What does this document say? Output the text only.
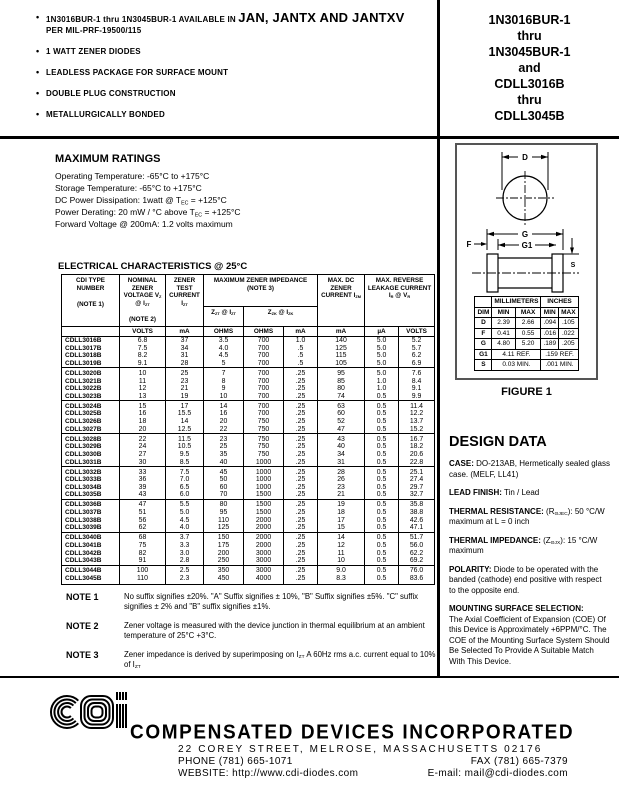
• 1N3016BUR-1 thru 1N3045BUR-1 AVAILABLE IN JAN, JANTX AND JANTXV
PER MIL-PRF-19500/115
• 1 WATT ZENER DIODES
• LEADLESS PACKAGE FOR SURFACE MOUNT
• DOUBLE PLUG CONSTRUCTION
• METALLURGICALLY BONDED
1N3016BUR-1
thru
1N3045BUR-1
and
CDLL3016B
thru
CDLL3045B
MAXIMUM RATINGS
Operating Temperature: -65°C to +175°C
Storage Temperature: -65°C to +175°C
DC Power Dissipation: 1watt @ $T_{EC} = +125^\circ C$
Power Derating: 20 mW / °C above $T_{EC} = +125^\circ C$
Forward Voltage @ 200mA: 1.2 volts maximum
ELECTRICAL CHARACTERISTICS @ 25°C
CDI TYPE NUMBER
(NOTE 1)

NOMINAL ZENER VOLTAGE $V_Z$ @ $I_{ZT}$
(NOTE 2)
	ZENER TEST CURRENT $I_{ZT}$	MAXIMUM ZENER IMPEDANCE (NOTE 3)	MAX. DC ZENER CURRENT $I_{ZM}$	MAX. REVERSE LEAKAGE CURRENT $I_R$ @ $V_R$
			$Z_{ZT}$ @ $I_{ZT}$	$Z_{ZK}$ @ $I_{ZK}$
	VOLTS	mA	OHMS	OHMS	mA	mA	µA	VOLTS
CDLL3016B	6.8	37	3.5	700	1.0	140	5.0	5.2
CDLL3017B	7.5	34	4.0	700	.5	125	5.0	5.7
CDLL3018B	8.2	31	4.5	700	.5	115	5.0	6.2
CDLL3019B	9.1	28	5	700	.5	105	5.0	6.9
CDLL3020B	10	25	7	700	.25	95	5.0	7.6
CDLL3021B	11	23	8	700	.25	85	1.0	8.4
CDLL3022B	12	21	9	700	.25	80	1.0	9.1
CDLL3023B	13	19	10	700	.25	74	0.5	9.9
CDLL3024B	15	17	14	700	.25	63	0.5	11.4
CDLL3025B	16	15.5	16	700	.25	60	0.5	12.2
CDLL3026B	18	14	20	750	.25	52	0.5	13.7
CDLL3027B	20	12.5	22	750	.25	47	0.5	15.2
CDLL3028B	22	11.5	23	750	.25	43	0.5	16.7
CDLL3029B	24	10.5	25	750	.25	40	0.5	18.2
CDLL3030B	27	9.5	35	750	.25	34	0.5	20.6
CDLL3031B	30	8.5	40	1000	.25	31	0.5	22.8
CDLL3032B	33	7.5	45	1000	.25	28	0.5	25.1
CDLL3033B	36	7.0	50	1000	.25	26	0.5	27.4
CDLL3034B	39	6.5	60	1000	.25	23	0.5	29.7
CDLL3035B	43	6.0	70	1500	.25	21	0.5	32.7
CDLL3036B	47	5.5	80	1500	.25	19	0.5	35.8
CDLL3037B	51	5.0	95	1500	.25	18	0.5	38.8
CDLL3038B	56	4.5	110	2000	.25	17	0.5	42.6
CDLL3039B	62	4.0	125	2000	.25	15	0.5	47.1
CDLL3040B	68	3.7	150	2000	.25	14	0.5	51.7
CDLL3041B	75	3.3	175	2000	.25	12	0.5	56.0
CDLL3042B	82	3.0	200	3000	.25	11	0.5	62.2
CDLL3043B	91	2.8	250	3000	.25	10	0.5	69.2
CDLL3044B	100	2.5	350	3000	.25	9.0	0.5	76.0
CDLL3045B	110	2.3	450	4000	.25	8.3	0.5	83.6
NOTE 1	No suffix signifies ±20%. "A" Suffix signifies ± 10%, "B" Suffix signifies ±5%. "C" suffix signifies ± 2% and "B" suffix signifies ±1%.
NOTE 2	Zener voltage is measured with the device junction in thermal equilibrium at an ambient temperature of 25°C +3°C.
NOTE 3	Zener impedance is derived by superimposing on $I_{ZT}$ A 60Hz rms a.c. current equal to 10% of $I_{ZT}$
D
G
F	G1
S
	MILLIMETERS		INCHES	
DIM	MIN	MAX	MIN	MAX
D	2.39	2.66	.094	.105
F	0.41	0.55	.016	.022
G	4.80	5.20	.189	.205
G1	4.11 REF.		.159 REF.	
S	0.03 MIN.		.001 MIN.	
FIGURE 1
DESIGN DATA
CASE: DO-213AB, Hermetically sealed glass case. (MELF, LL41)
LEAD FINISH: Tin / Lead
THERMAL RESISTANCE: $(R_{\Theta JEC})$: 50 °C/W maximum at L = 0 inch
THERMAL IMPEDANCE: $(Z_{\Theta JX})$: 15 °C/W maximum
POLARITY: Diode to be operated with the banded (cathode) end positive with respect to the opposite end.
MOUNTING SURFACE SELECTION:
The Axial Coefficient of Expansion (COE) Of this Device is Approximately +6PPM/°C. The COE of the Mounting Surface System Should Be Selected To Provide A Suitable Match With This Device.
COMPENSATED DEVICES INCORPORATED
22 COREY STREET, MELROSE, MASSACHUSETTS 02176
PHONE (781) 665-1071	FAX (781) 665-7379
WEBSITE: http://www.cdi-diodes.com	E-mail: mail@cdi-diodes.com
